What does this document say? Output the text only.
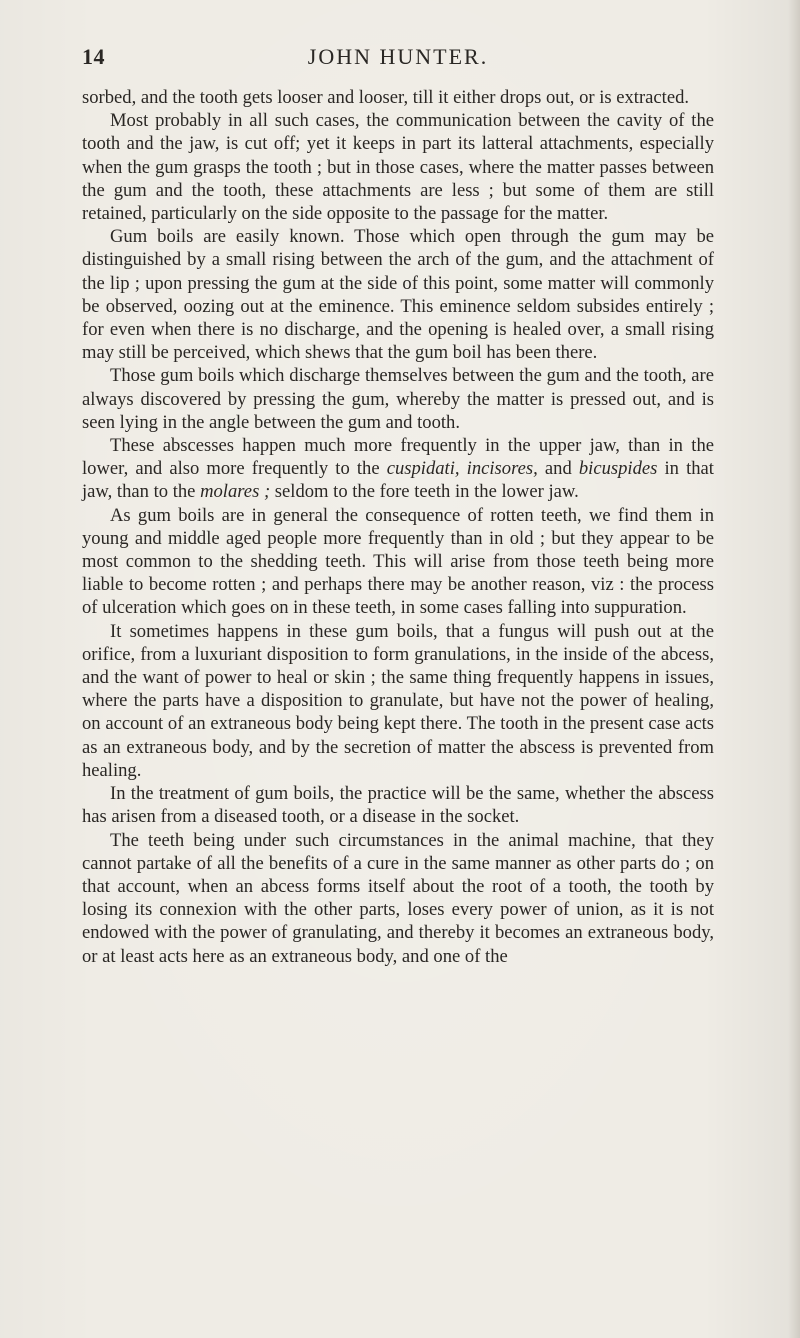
14	JOHN HUNTER.

sorbed, and the tooth gets looser and looser, till it either drops out, or is extracted.

Most probably in all such cases, the communication between the cavity of the tooth and the jaw, is cut off; yet it keeps in part its latteral attachments, especially when the gum grasps the tooth ; but in those cases, where the matter passes between the gum and the tooth, these attachments are less ; but some of them are still retained, particularly on the side opposite to the passage for the matter.

Gum boils are easily known. Those which open through the gum may be distinguished by a small rising between the arch of the gum, and the attachment of the lip ; upon pressing the gum at the side of this point, some matter will commonly be observed, oozing out at the eminence. This eminence seldom subsides entirely ; for even when there is no discharge, and the opening is healed over, a small rising may still be perceived, which shews that the gum boil has been there.

Those gum boils which discharge themselves between the gum and the tooth, are always discovered by pressing the gum, whereby the matter is pressed out, and is seen lying in the angle between the gum and tooth.

These abscesses happen much more frequently in the upper jaw, than in the lower, and also more frequently to the cuspidati, incisores, and bicuspides in that jaw, than to the molares ; seldom to the fore teeth in the lower jaw.

As gum boils are in general the consequence of rotten teeth, we find them in young and middle aged people more frequently than in old ; but they appear to be most common to the shedding teeth. This will arise from those teeth being more liable to become rotten ; and perhaps there may be another reason, viz : the process of ulceration which goes on in these teeth, in some cases falling into suppuration.

It sometimes happens in these gum boils, that a fungus will push out at the orifice, from a luxuriant disposition to form granulations, in the inside of the abcess, and the want of power to heal or skin ; the same thing frequently happens in issues, where the parts have a disposition to granulate, but have not the power of healing, on account of an extraneous body being kept there. The tooth in the present case acts as an extraneous body, and by the secretion of matter the abscess is prevented from healing.

In the treatment of gum boils, the practice will be the same, whether the abscess has arisen from a diseased tooth, or a disease in the socket.

The teeth being under such circumstances in the animal machine, that they cannot partake of all the benefits of a cure in the same manner as other parts do ; on that account, when an abcess forms itself about the root of a tooth, the tooth by losing its connexion with the other parts, loses every power of union, as it is not endowed with the power of granulating, and thereby it becomes an extraneous body, or at least acts here as an extraneous body, and one of the
